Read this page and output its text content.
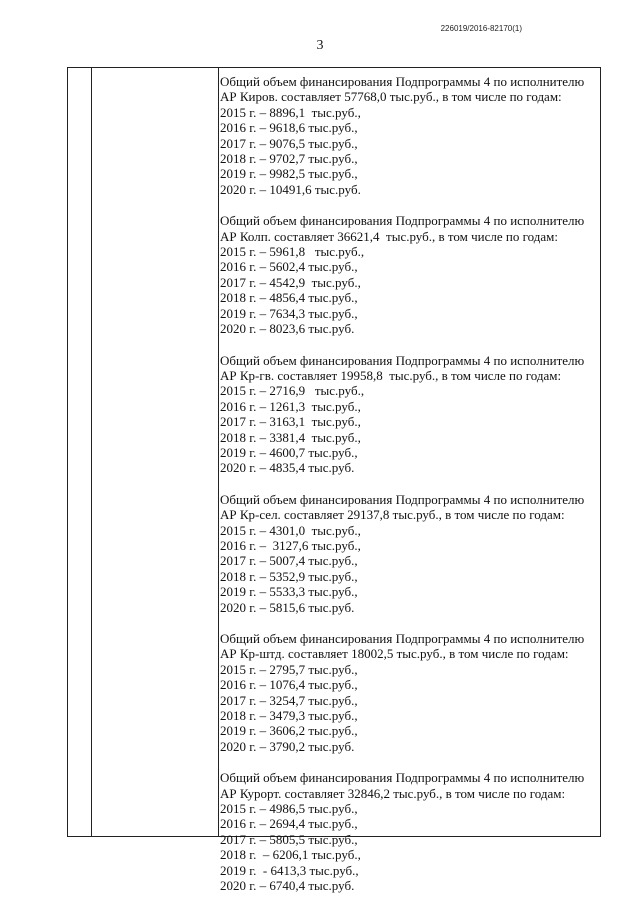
226019/2016-82170(1)
3
Общий объем финансирования Подпрограммы 4 по исполнителю
АР Киров. составляет 57768,0 тыс.руб., в том числе по годам:
2015 г. – 8896,1  тыс.руб.,
2016 г. – 9618,6 тыс.руб.,
2017 г. – 9076,5 тыс.руб.,
2018 г. – 9702,7 тыс.руб.,
2019 г. – 9982,5 тыс.руб.,
2020 г. – 10491,6 тыс.руб.
Общий объем финансирования Подпрограммы 4 по исполнителю
АР Колп. составляет 36621,4  тыс.руб., в том числе по годам:
2015 г. – 5961,8   тыс.руб.,
2016 г. – 5602,4 тыс.руб.,
2017 г. – 4542,9  тыс.руб.,
2018 г. – 4856,4 тыс.руб.,
2019 г. – 7634,3 тыс.руб.,
2020 г. – 8023,6 тыс.руб.
Общий объем финансирования Подпрограммы 4 по исполнителю
АР Кр-гв. составляет 19958,8  тыс.руб., в том числе по годам:
2015 г. – 2716,9   тыс.руб.,
2016 г. – 1261,3  тыс.руб.,
2017 г. – 3163,1  тыс.руб.,
2018 г. – 3381,4  тыс.руб.,
2019 г. – 4600,7 тыс.руб.,
2020 г. – 4835,4 тыс.руб.
Общий объем финансирования Подпрограммы 4 по исполнителю
АР Кр-сел. составляет 29137,8 тыс.руб., в том числе по годам:
2015 г. – 4301,0  тыс.руб.,
2016 г. –  3127,6 тыс.руб.,
2017 г. – 5007,4 тыс.руб.,
2018 г. – 5352,9 тыс.руб.,
2019 г. – 5533,3 тыс.руб.,
2020 г. – 5815,6 тыс.руб.
Общий объем финансирования Подпрограммы 4 по исполнителю
АР Кр-штд. составляет 18002,5 тыс.руб., в том числе по годам:
2015 г. – 2795,7 тыс.руб.,
2016 г. – 1076,4 тыс.руб.,
2017 г. – 3254,7 тыс.руб.,
2018 г. – 3479,3 тыс.руб.,
2019 г. – 3606,2 тыс.руб.,
2020 г. – 3790,2 тыс.руб.
Общий объем финансирования Подпрограммы 4 по исполнителю
АР Курорт. составляет 32846,2 тыс.руб., в том числе по годам:
2015 г. – 4986,5 тыс.руб.,
2016 г. – 2694,4 тыс.руб.,
2017 г. – 5805,5 тыс.руб.,
2018 г.  – 6206,1 тыс.руб.,
2019 г.  - 6413,3 тыс.руб.,
2020 г. – 6740,4 тыс.руб.
